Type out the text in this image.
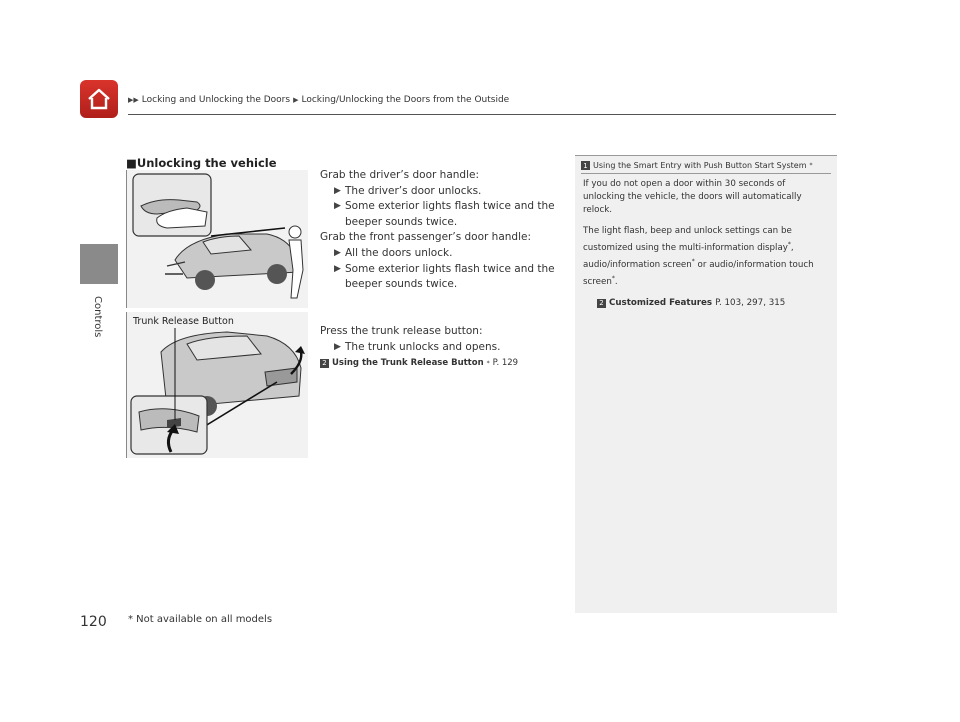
▶▶ Locking and Unlocking the Doors ▶ Locking/Unlocking the Doors from the Outside
Controls
■Unlocking the vehicle
Trunk Release Button
Grab the driver’s door handle:
▶ The driver’s door unlocks.
▶ Some exterior lights flash twice and the
beeper sounds twice.
Grab the front passenger’s door handle:
▶ All the doors unlock.
▶ Some exterior lights flash twice and the
beeper sounds twice.
Press the trunk release button:
▶ The trunk unlocks and opens.
2 Using the Trunk Release Button * P. 129
1 Using the Smart Entry with Push Button Start System *

If you do not open a door within 30 seconds of unlocking the vehicle, the doors will automatically relock.

The light flash, beep and unlock settings can be customized using the multi-information display*, audio/information screen* or audio/information touch screen*.

2 Customized Features P. 103, 297, 315
120 * Not available on all models
